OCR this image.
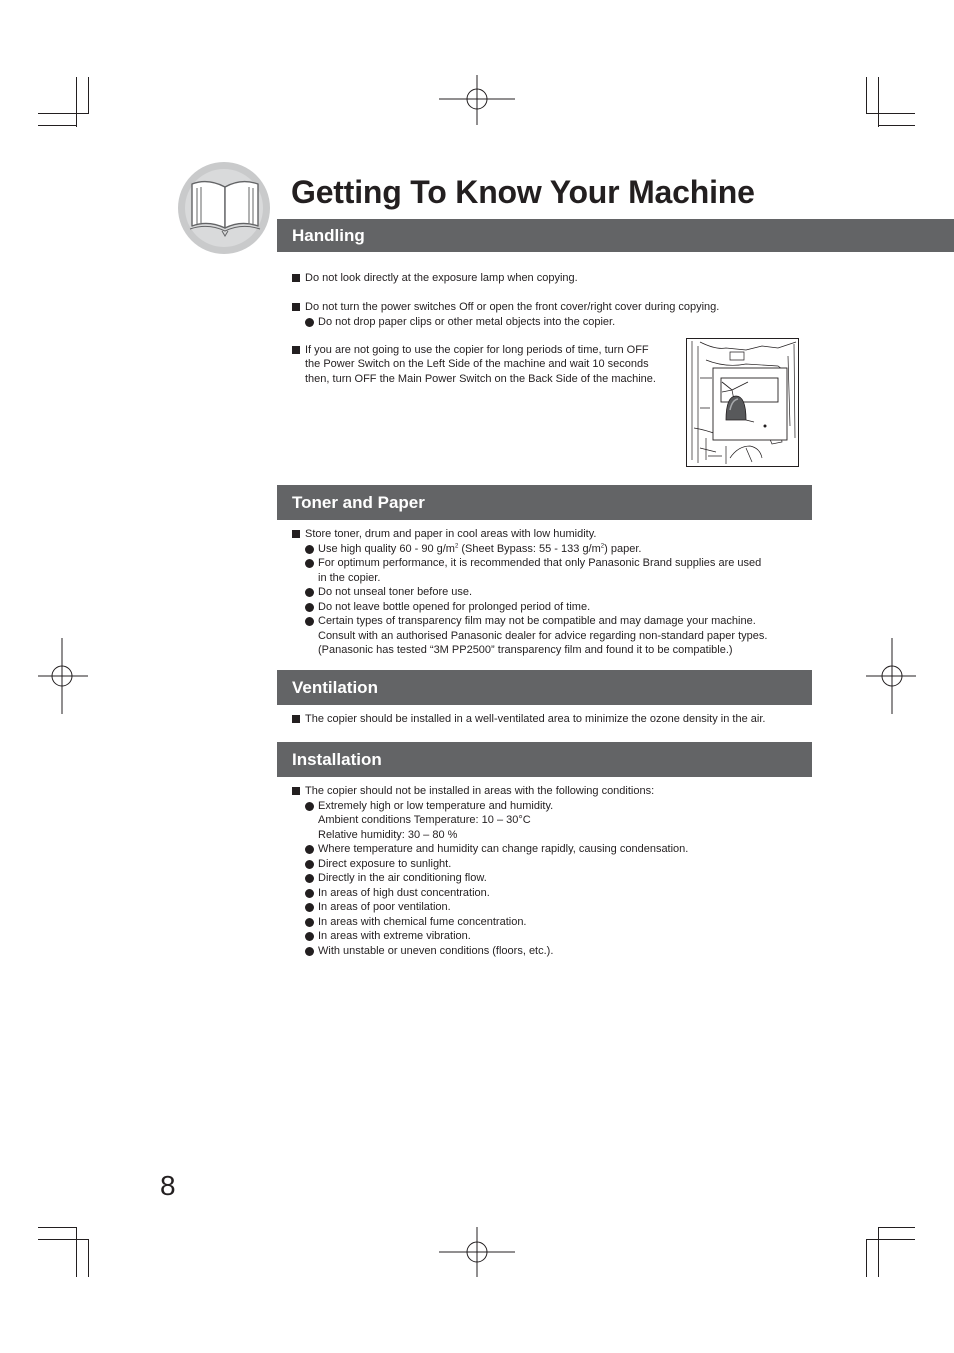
Handling
Getting To Know Your Machine
Do not look directly at the exposure lamp when copying.
Do not turn the power switches Off or open the front cover/right cover during copying.
Do not drop paper clips or other metal objects into the copier.
If you are not going to use the copier for long periods of time, turn OFF
the Power Switch on the Left Side of the machine and wait 10 seconds
then, turn OFF the Main Power Switch on the Back Side of the machine.
Toner and Paper
Store toner, drum and paper in cool areas with low humidity.
Use high quality 60 - 90 $g/m^2$ (Sheet Bypass: 55 - 133 $g/m^2$) paper.
For optimum performance, it is recommended that only Panasonic Brand supplies are used
in the copier.
Do not unseal toner before use.
Do not leave bottle opened for prolonged period of time.
Certain types of transparency film may not be compatible and may damage your machine.
Consult with an authorised Panasonic dealer for advice regarding non-standard paper types.
(Panasonic has tested “3M PP2500” transparency film and found it to be compatible.)
Ventilation
The copier should be installed in a well-ventilated area to minimize the ozone density in the air.
Installation
The copier should not be installed in areas with the following conditions:
Extremely high or low temperature and humidity.
Ambient conditions Temperature: 10 – 30°C
Relative humidity: 30 – 80 %
Where temperature and humidity can change rapidly, causing condensation.
Direct exposure to sunlight.
Directly in the air conditioning flow.
In areas of high dust concentration.
In areas of poor ventilation.
In areas with chemical fume concentration.
In areas with extreme vibration.
With unstable or uneven conditions (floors, etc.).
8
